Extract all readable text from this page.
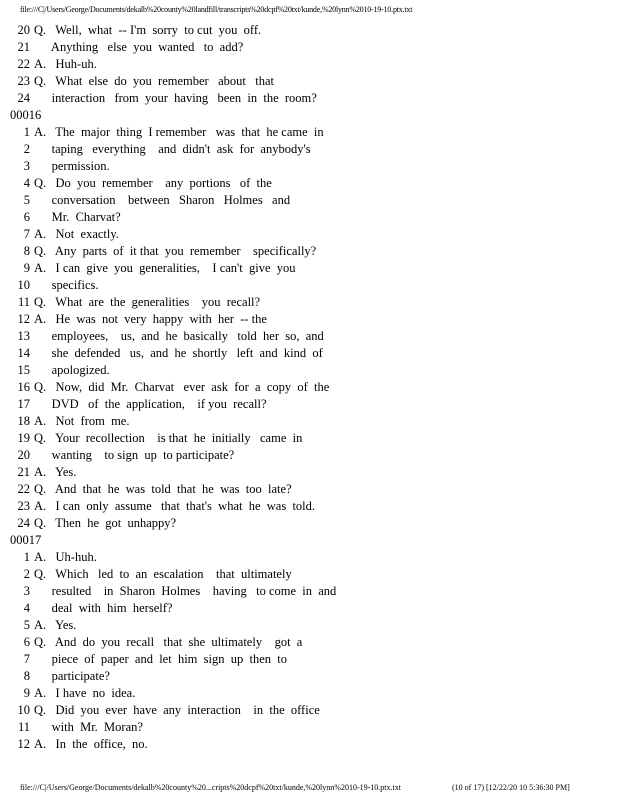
file:///C|/Users/George/Documents/dekalb%20county%20landfill/transcripts%20dcpf%20txt/kunde,%20lynn%2010-19-10.ptx.txt
20 Q.   Well,  what  -- I'm  sorry  to cut  you  off.
21 Anything   else  you  wanted   to  add?
22 A.   Huh-uh.
23 Q.   What  else  do  you  remember   about   that
24 interaction   from  your  having   been  in  the  room?
00016
1 A.   The  major  thing  I remember   was  that  he came  in
2 taping   everything    and  didn't  ask  for  anybody's
3 permission.
4 Q.   Do  you  remember    any  portions   of  the
5 conversation    between   Sharon   Holmes   and
6 Mr.  Charvat?
7 A.   Not  exactly.
8 Q.   Any  parts  of  it that  you  remember    specifically?
9 A.   I can  give  you  generalities,    I can't  give  you
10 specifics.
11 Q.   What  are  the  generalities    you  recall?
12 A.   He  was  not  very  happy  with  her  -- the
13 employees,    us,  and  he  basically   told  her  so,  and
14 she  defended   us,  and  he  shortly   left  and  kind  of
15 apologized.
16 Q.   Now,  did  Mr.  Charvat   ever  ask  for  a  copy  of  the
17 DVD   of  the  application,    if you  recall?
18 A.   Not  from  me.
19 Q.   Your  recollection    is that  he  initially   came  in
20 wanting    to sign  up  to participate?
21 A.   Yes.
22 Q.   And  that  he  was  told  that  he  was  too  late?
23 A.   I can  only  assume   that  that's  what  he  was  told.
24 Q.   Then  he  got  unhappy?
00017
1 A.   Uh-huh.
2 Q.   Which   led  to  an  escalation    that  ultimately
3 resulted    in  Sharon  Holmes    having   to come  in  and
4 deal  with  him  herself?
5 A.   Yes.
6 Q.   And  do  you  recall   that  she  ultimately    got  a
7 piece  of  paper  and  let  him  sign  up  then  to
8 participate?
9 A.   I have  no  idea.
10 Q.   Did  you  ever  have  any  interaction    in  the  office
11 with  Mr.  Moran?
12 A.   In  the  office,  no.
file:///C|/Users/George/Documents/dekalb%20county%20...cripts%20dcpf%20txt/kunde,%20lynn%2010-19-10.ptx.txt	(10 of 17) [12/22/20 10 5:36:30 PM]
